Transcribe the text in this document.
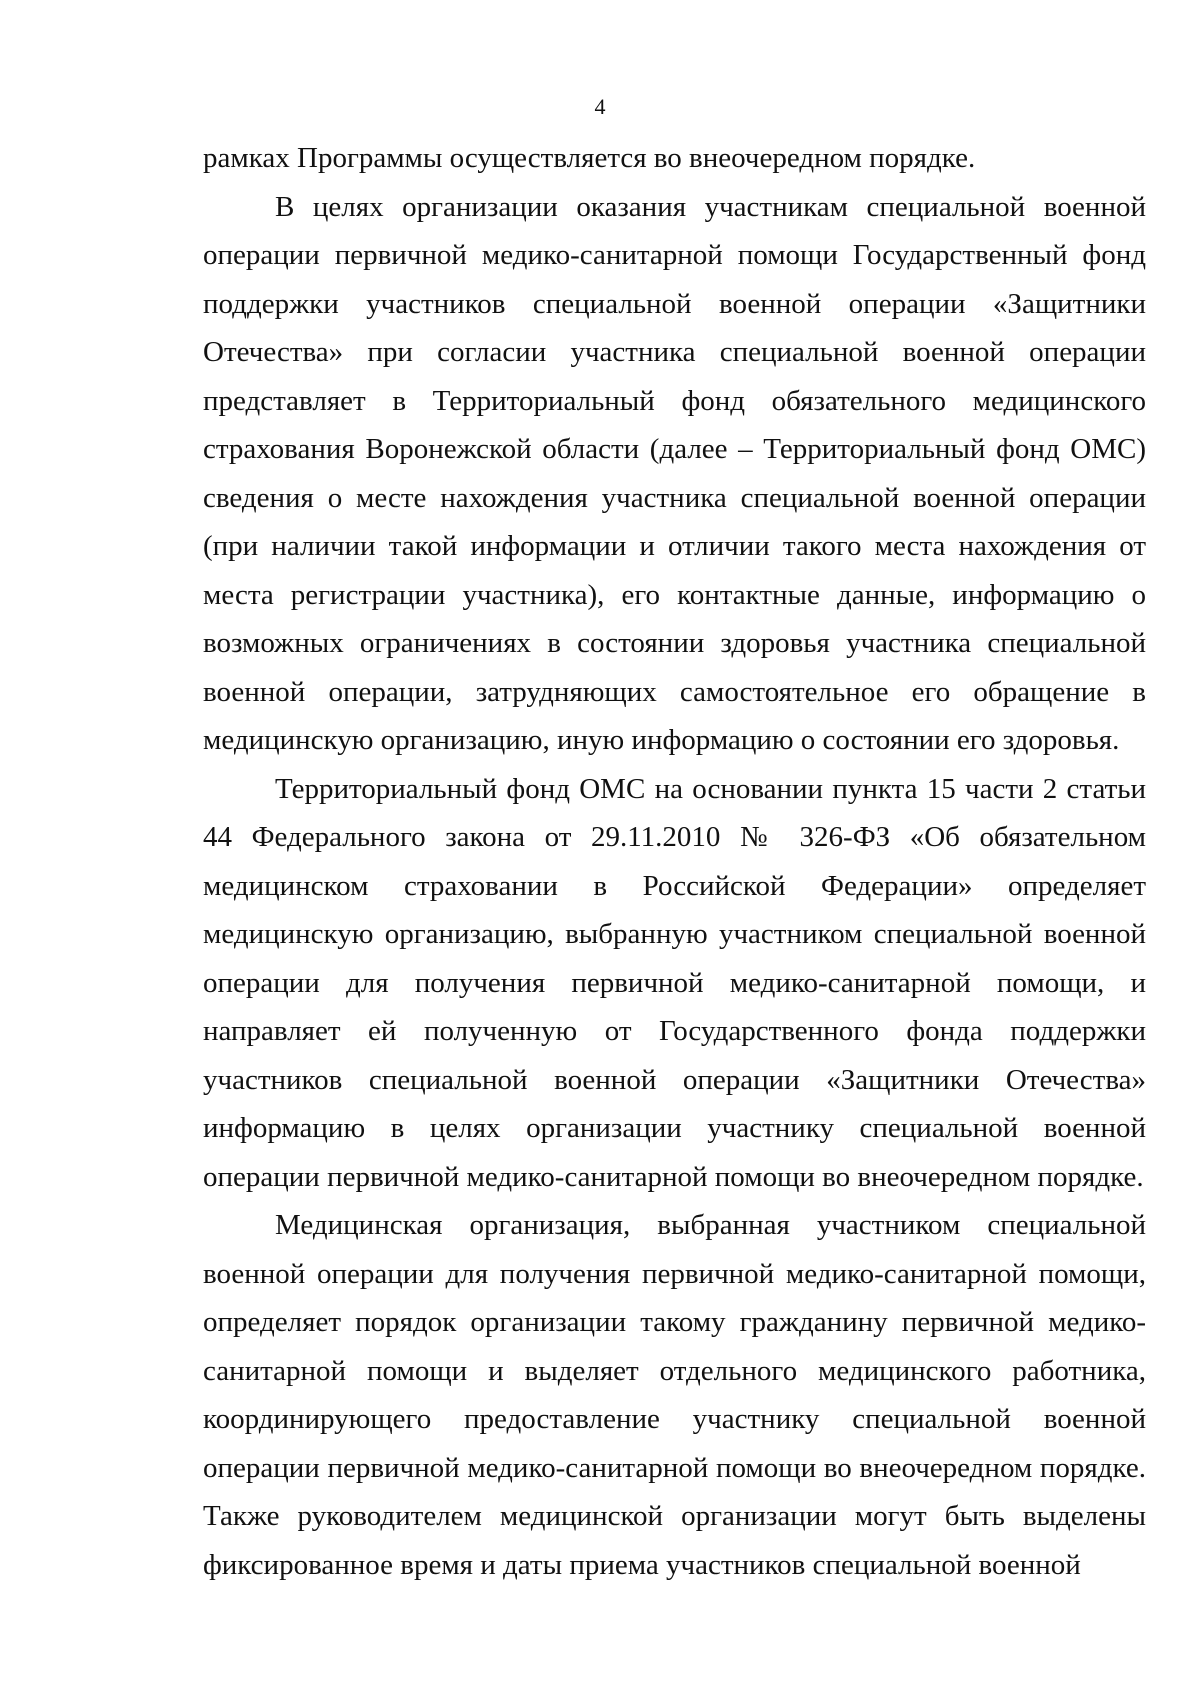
4

рамках Программы осуществляется во внеочередном порядке.

В целях организации оказания участникам специальной военной операции первичной медико-санитарной помощи Государственный фонд поддержки участников специальной военной операции «Защитники Отечества» при согласии участника специальной военной операции представляет в Территориальный фонд обязательного медицинского страхования Воронежской области (далее – Территориальный фонд ОМС) сведения о месте нахождения участника специальной военной операции (при наличии такой информации и отличии такого места нахождения от места регистрации участника), его контактные данные, информацию о возможных ограничениях в состоянии здоровья участника специальной военной операции, затрудняющих самостоятельное его обращение в медицинскую организацию, иную информацию о состоянии его здоровья.

Территориальный фонд ОМС на основании пункта 15 части 2 статьи 44 Федерального закона от 29.11.2010 № 326-ФЗ «Об обязательном медицинском страховании в Российской Федерации» определяет медицинскую организацию, выбранную участником специальной военной операции для получения первичной медико-санитарной помощи, и направляет ей полученную от Государственного фонда поддержки участников специальной военной операции «Защитники Отечества» информацию в целях организации участнику специальной военной операции первичной медико-санитарной помощи во внеочередном порядке.

Медицинская организация, выбранная участником специальной военной операции для получения первичной медико-санитарной помощи, определяет порядок организации такому гражданину первичной медико-санитарной помощи и выделяет отдельного медицинского работника, координирующего предоставление участнику специальной военной операции первичной медико-санитарной помощи во внеочередном порядке. Также руководителем медицинской организации могут быть выделены фиксированное время и даты приема участников специальной военной
